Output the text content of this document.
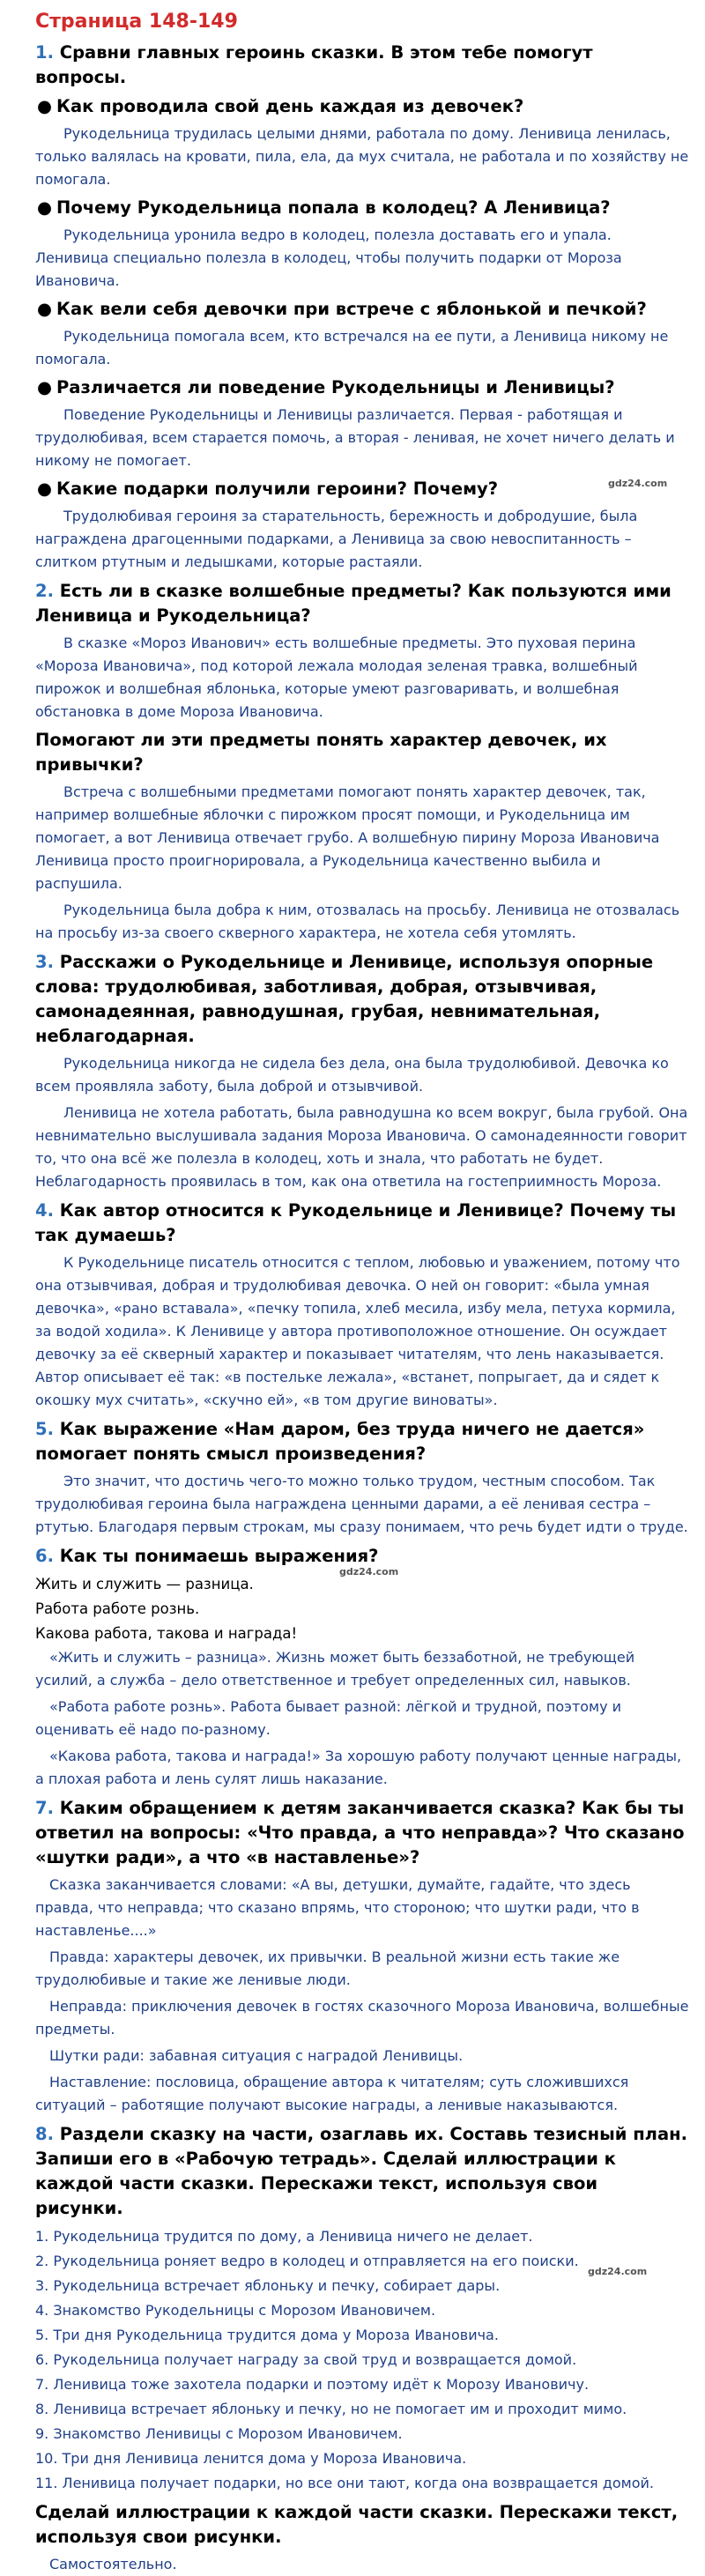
gdz24.com
gdz24.com
gdz24.com
Страница 148-149
1. Сравни главных героинь сказки. В этом тебе помогут вопросы.
● Как проводила свой день каждая из девочек?

Рукодельница трудилась целыми днями, работала по дому. Ленивица ленилась, только валялась на кровати, пила, ела, да мух считала, не работала и по хозяйству не помогала.

● Почему Рукодельница попала в колодец? А Ленивица?

Рукодельница уронила ведро в колодец, полезла доставать его и упала. Ленивица специально полезла в колодец, чтобы получить подарки от Мороза Ивановича.

● Как вели себя девочки при встрече с яблонькой и печкой?

Рукодельница помогала всем, кто встречался на ее пути, а Ленивица никому не помогала.

● Различается ли поведение Рукодельницы и Ленивицы?

Поведение Рукодельницы и Ленивицы различается. Первая - работящая и трудолюбивая, всем старается помочь, а вторая - ленивая, не хочет ничего делать и никому не помогает.

● Какие подарки получили героини? Почему?

Трудолюбивая героиня за старательность, бережность и добродушие, была награждена драгоценными подарками, а Ленивица за свою невоспитанность – слитком ртутным и ледышками, которые растаяли.

2. Есть ли в сказке волшебные предметы? Как пользуются ими Ленивица и Рукодельница?

В сказке «Мороз Иванович» есть волшебные предметы. Это пуховая перина «Мороза Ивановича», под которой лежала молодая зеленая травка, волшебный пирожок и волшебная яблонька, которые умеют разговаривать, и волшебная обстановка в доме Мороза Ивановича.

Помогают ли эти предметы понять характер девочек, их привычки?

Встреча с волшебными предметами помогают понять характер девочек, так, например волшебные яблочки с пирожком просят помощи, и Рукодельница им помогает, а вот Ленивица отвечает грубо. А волшебную пирину Мороза Ивановича Ленивица просто проигнорировала, а Рукодельница качественно выбила и распушила.

Рукодельница была добра к ним, отозвалась на просьбу. Ленивица не отозвалась на просьбу из-за своего скверного характера, не хотела себя утомлять.

3. Расскажи о Рукодельнице и Ленивице, используя опорные слова: трудолюбивая, заботливая, добрая, отзывчивая, самонадеянная, равнодушная, грубая, невнимательная, неблагодарная.

Рукодельница никогда не сидела без дела, она была трудолюбивой. Девочка ко всем проявляла заботу, была доброй и отзывчивой.

Ленивица не хотела работать, была равнодушна ко всем вокруг, была грубой. Она невнимательно выслушивала задания Мороза Ивановича. О самонадеянности говорит то, что она всё же полезла в колодец, хоть и знала, что работать не будет. Неблагодарность проявилась в том, как она ответила на гостеприимность Мороза.

4. Как автор относится к Рукодельнице и Ленивице? Почему ты так думаешь?

К Рукодельнице писатель относится с теплом, любовью и уважением, потому что она отзывчивая, добрая и трудолюбивая девочка. О ней он говорит: «была умная девочка», «рано вставала», «печку топила, хлеб месила, избу мела, петуха кормила, за водой ходила». К Ленивице у автора противоположное отношение. Он осуждает девочку за её скверный характер и показывает читателям, что лень наказывается. Автор описывает её так: «в постельке лежала», «встанет, попрыгает, да и сядет к окошку мух считать», «скучно ей», «в том другие виноваты».

5. Как выражение «Нам даром, без труда ничего не дается» помогает понять смысл произведения?

Это значит, что достичь чего-то можно только трудом, честным способом. Так трудолюбивая героина была награждена ценными дарами, а её ленивая сестра – ртутью. Благодаря первым строкам, мы сразу понимаем, что речь будет идти о труде.

6. Как ты понимаешь выражения?

Жить и служить — разница.

Работа работе рознь.

Какова работа, такова и награда!

«Жить и служить – разница». Жизнь может быть беззаботной, не требующей усилий, а служба – дело ответственное и требует определенных сил, навыков.

«Работа работе рознь». Работа бывает разной: лёгкой и трудной, поэтому и оценивать её надо по-разному.

«Какова работа, такова и награда!» За хорошую работу получают ценные награды, а плохая работа и лень сулят лишь наказание.

7. Каким обращением к детям заканчивается сказка? Как бы ты ответил на вопросы: «Что правда, а что неправда»? Что сказано «шутки ради», а что «в наставленье»?

Сказка заканчивается словами: «А вы, детушки, думайте, гадайте, что здесь правда, что неправда; что сказано впрямь, что стороною; что шутки ради, что в наставленье....»

Правда: характеры девочек, их привычки. В реальной жизни есть такие же трудолюбивые и такие же ленивые люди.

Неправда: приключения девочек в гостях сказочного Мороза Ивановича, волшебные предметы.

Шутки ради: забавная ситуация с наградой Ленивицы.

Наставление: пословица, обращение автора к читателям; суть сложившихся ситуаций – работящие получают высокие награды, а ленивые наказываются.

8. Раздели сказку на части, озаглавь их. Составь тезисный план. Запиши его в «Рабочую тетрадь». Сделай иллюстрации к каждой части сказки. Перескажи текст, используя свои рисунки.
1. Рукодельница трудится по дому, а Ленивица ничего не делает.
2. Рукодельница роняет ведро в колодец и отправляется на его поиски.
3. Рукодельница встречает яблоньку и печку, собирает дары.
4. Знакомство Рукодельницы с Морозом Ивановичем.
5. Три дня Рукодельница трудится дома у Мороза Ивановича.
6. Рукодельница получает награду за свой труд и возвращается домой.
7. Ленивица тоже захотела подарки и поэтому идёт к Морозу Ивановичу.
8. Ленивица встречает яблоньку и печку, но не помогает им и проходит мимо.
9. Знакомство Ленивицы с Морозом Ивановичем.
10. Три дня Ленивица ленится дома у Мороза Ивановича.
11. Ленивица получает подарки, но все они тают, когда она возвращается домой.
Сделай иллюстрации к каждой части сказки. Перескажи текст, используя свои рисунки.

Самостоятельно.
